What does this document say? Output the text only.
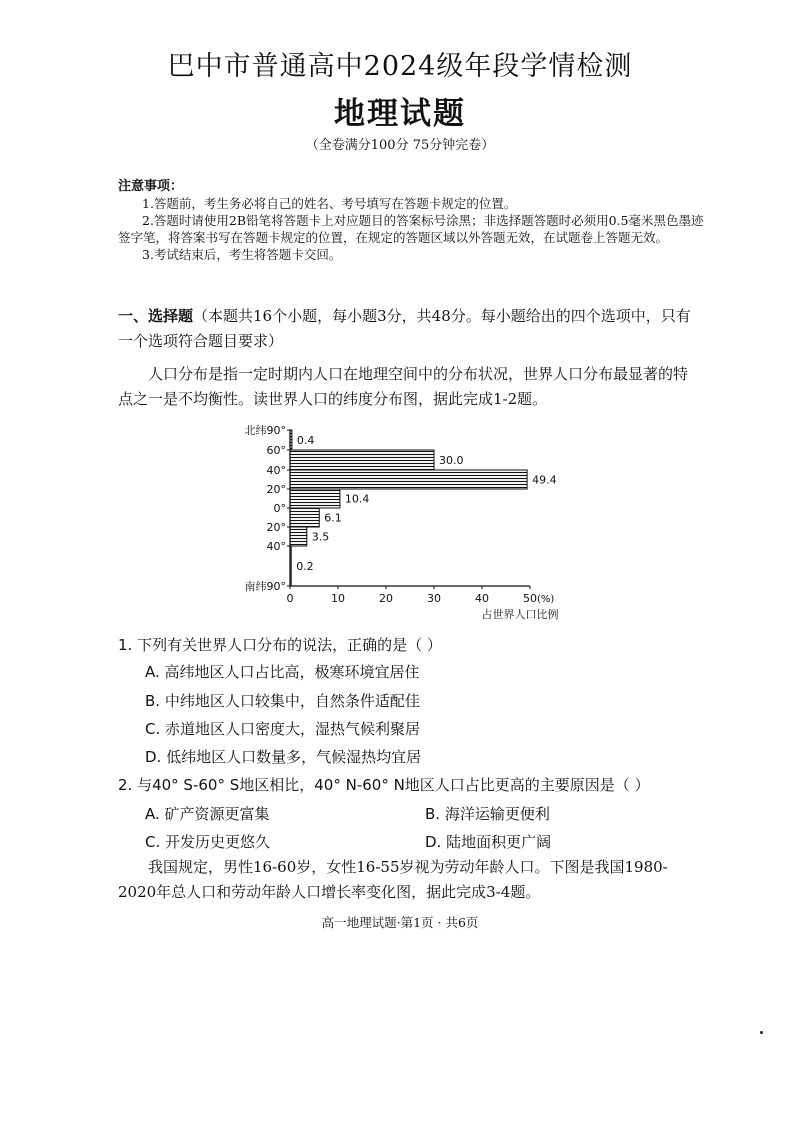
巴中市普通高中2024级年段学情检测
地理试题
（全卷满分100分 75分钟完卷）
注意事项：
1.答题前，考生务必将自己的姓名、考号填写在答题卡规定的位置。
2.答题时请使用2B铅笔将答题卡上对应题目的答案标号涂黑；非选择题答题时必须用0.5毫米黑色墨迹签字笔，将答案书写在答题卡规定的位置，在规定的答题区域以外答题无效，在试题卷上答题无效。
3.考试结束后，考生将答题卡交回。
一、选择题（本题共16个小题，每小题3分，共48分。每小题给出的四个选项中，只有一个选项符合题目要求）
人口分布是指一定时期内人口在地理空间中的分布状况，世界人口分布最显著的特点之一是不均衡性。读世界人口的纬度分布图，据此完成1-2题。
0.4
30.0
49.4
10.4
6.1
3.5
0.2
北纬90°
60°
40°
20°
0°
20°
40°
南纬90°
0	10	20	30	40	50 (%)
占世界人口比例
1. 下列有关世界人口分布的说法，正确的是（ ）
A. 高纬地区人口占比高，极寒环境宜居住
B. 中纬地区人口较集中，自然条件适配佳
C. 赤道地区人口密度大，湿热气候利聚居
D. 低纬地区人口数量多，气候湿热均宜居
2. 与40° S-60° S地区相比，40° N-60° N地区人口占比更高的主要原因是（ ）
A. 矿产资源更富集	B. 海洋运输更便利
C. 开发历史更悠久	D. 陆地面积更广阔
我国规定，男性16-60岁，女性16-55岁视为劳动年龄人口。下图是我国1980-2020年总人口和劳动年龄人口增长率变化图，据此完成3-4题。
高一地理试题·第1页 · 共6页
